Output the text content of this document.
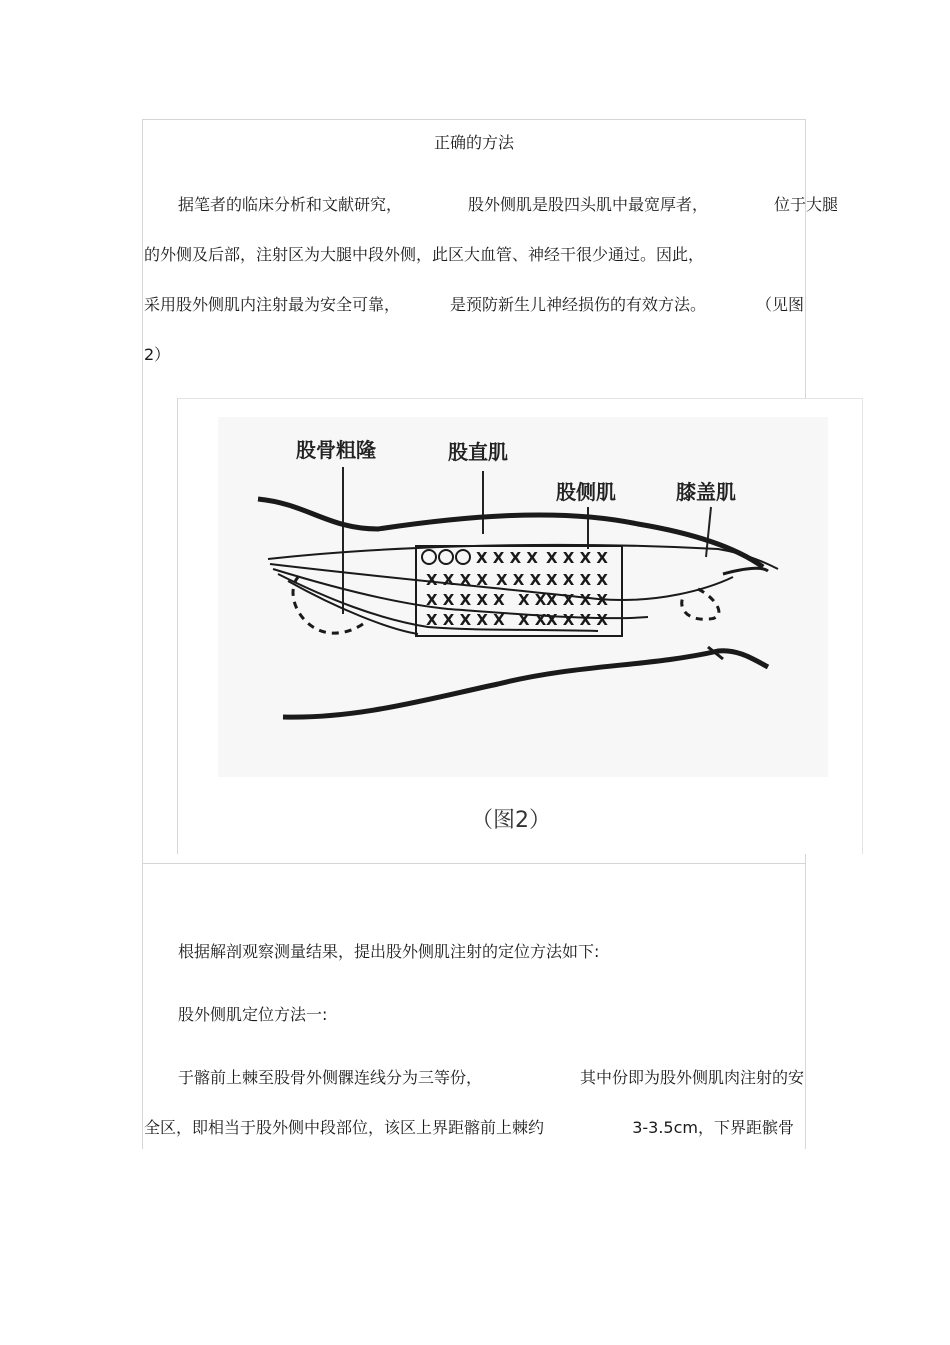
正确的方法
据笔者的临床分析和文献研究，	股外侧肌是股四头肌中最宽厚者，	位于大腿
的外侧及后部，注射区为大腿中段外侧，此区大血管、神经干很少通过。因此，
采用股外侧肌内注射最为安全可靠，	是预防新生儿神经损伤的有效方法。	（见图
2）
股骨粗隆	股直肌
股侧肌	膝盖肌
X X X X X X X X
X X X X X X X X X X X
X X X X X X X X X X X
X X X X X X X X X X X
（图2）
根据解剖观察测量结果，提出股外侧肌注射的定位方法如下:
股外侧肌定位方法一:
于髂前上棘至股骨外侧髁连线分为三等份，	其中份即为股外侧肌肉注射的安
全区，即相当于股外侧中段部位，该区上界距髂前上棘约	3-3.5cm，下界距髌骨
